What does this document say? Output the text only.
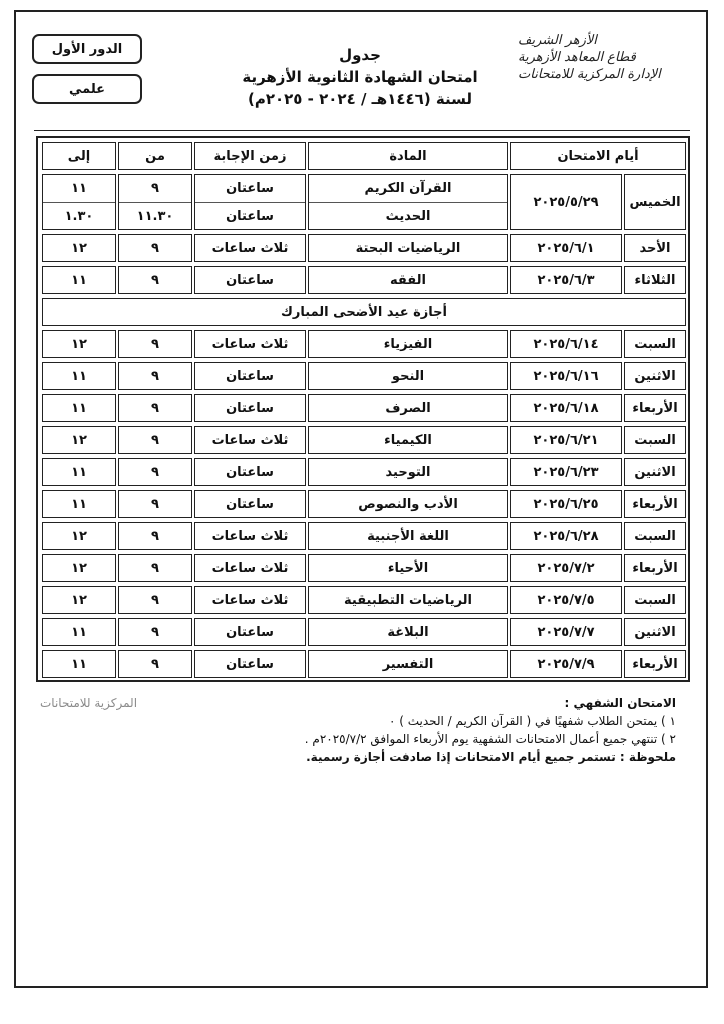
الدور الأول
علمي
جدول
امتحان الشهادة الثانوية الأزهرية
لسنة (١٤٤٦هـ / ٢٠٢٤ - ٢٠٢٥م)
الأزهر الشريف
قطاع المعاهد الأزهرية
الإدارة المركزية للامتحانات
أيام الامتحان
المادة
زمن الإجابة
من
إلى
الخميس
٢٠٢٥/٥/٢٩
القرآن الكريم
الحديث
ساعتان
ساعتان
٩
١١.٣٠
١١
١.٣٠
الأحد
٢٠٢٥/٦/١
الرياضيات البحتة
ثلاث ساعات
٩
١٢
الثلاثاء
٢٠٢٥/٦/٣
الفقه
ساعتان
٩
١١
أجازة عيد الأضحى المبارك
السبت
٢٠٢٥/٦/١٤
الفيزياء
ثلاث ساعات
٩
١٢
الاثنين
٢٠٢٥/٦/١٦
النحو
ساعتان
٩
١١
الأربعاء
٢٠٢٥/٦/١٨
الصرف
ساعتان
٩
١١
السبت
٢٠٢٥/٦/٢١
الكيمياء
ثلاث ساعات
٩
١٢
الاثنين
٢٠٢٥/٦/٢٣
التوحيد
ساعتان
٩
١١
الأربعاء
٢٠٢٥/٦/٢٥
الأدب والنصوص
ساعتان
٩
١١
السبت
٢٠٢٥/٦/٢٨
اللغة الأجنبية
ثلاث ساعات
٩
١٢
الأربعاء
٢٠٢٥/٧/٢
الأحياء
ثلاث ساعات
٩
١٢
السبت
٢٠٢٥/٧/٥
الرياضيات التطبيقية
ثلاث ساعات
٩
١٢
الاثنين
٢٠٢٥/٧/٧
البلاغة
ساعتان
٩
١١
الأربعاء
٢٠٢٥/٧/٩
التفسير
ساعتان
٩
١١
المركزية للامتحانات	الامتحان الشفهي :
١ ) يمتحن الطلاب شفهيًا في ( القرآن الكريم / الحديث ) ٠
٢ ) تنتهي جميع أعمال الامتحانات الشفهية يوم الأربعاء الموافق ٢٠٢٥/٧/٢م .
ملحوظة : تستمر جميع أيام الامتحانات إذا صادفت أجازة رسمية.
